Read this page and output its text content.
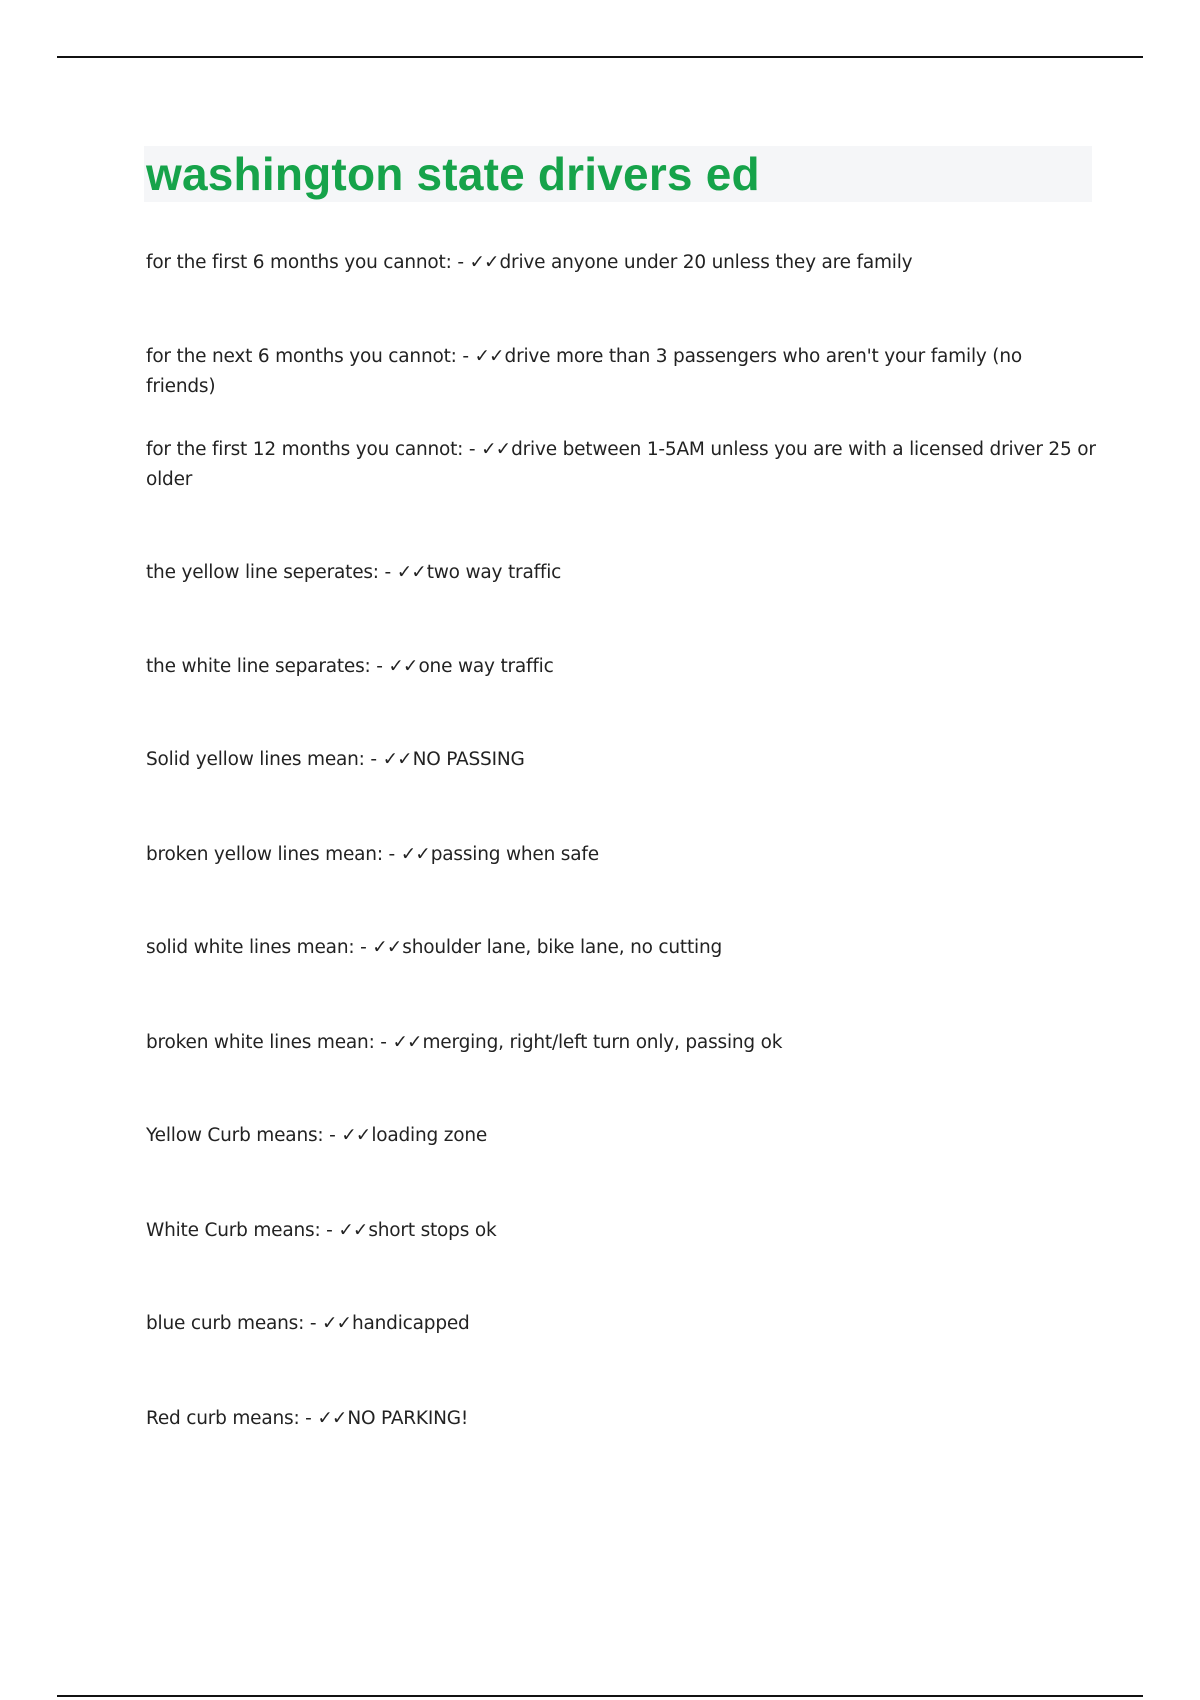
washington state drivers ed
for the first 6 months you cannot: - ✓✓drive anyone under 20 unless they are family
for the next 6 months you cannot: - ✓✓drive more than 3 passengers who aren't your family (no friends)
for the first 12 months you cannot: - ✓✓drive between 1-5AM unless you are with a licensed driver 25 or older
the yellow line seperates: - ✓✓two way traffic
the white line separates: - ✓✓one way traffic
Solid yellow lines mean: - ✓✓NO PASSING
broken yellow lines mean: - ✓✓passing when safe
solid white lines mean: - ✓✓shoulder lane, bike lane, no cutting
broken white lines mean: - ✓✓merging, right/left turn only, passing ok
Yellow Curb means: - ✓✓loading zone
White Curb means: - ✓✓short stops ok
blue curb means: - ✓✓handicapped
Red curb means: - ✓✓NO PARKING!
